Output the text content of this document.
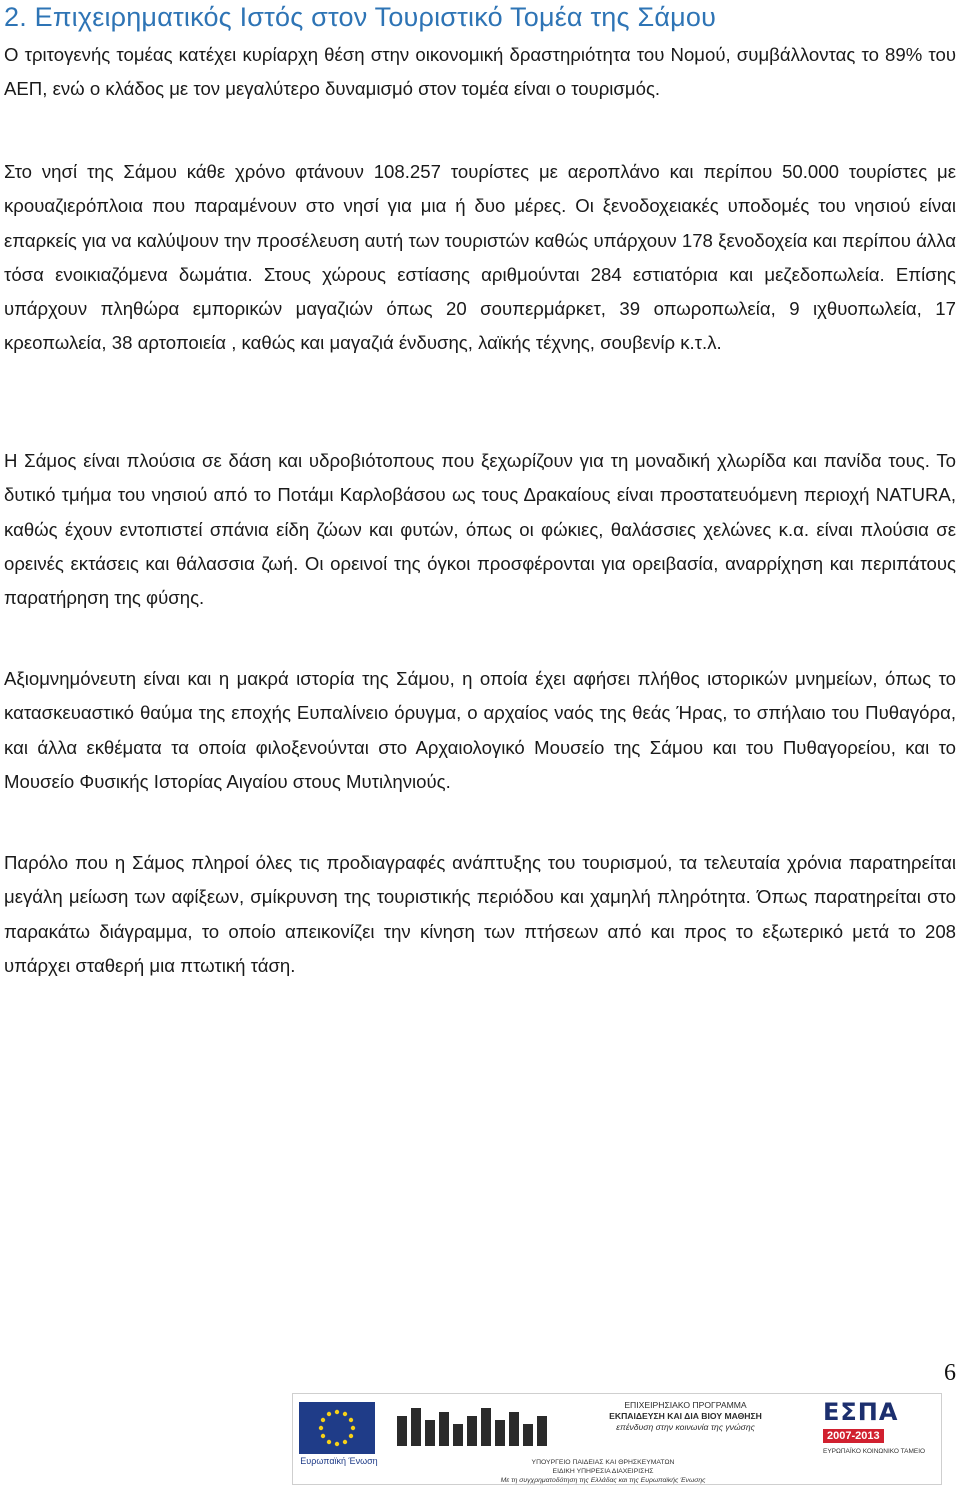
2. Επιχειρηματικός Ιστός στον Τουριστικό Τομέα της Σάμου

Ο τριτογενής τομέας κατέχει κυρίαρχη θέση στην οικονομική δραστηριότητα του Νομού, συμβάλλοντας το 89% του ΑΕΠ, ενώ ο κλάδος με τον μεγαλύτερο δυναμισμό στον τομέα είναι ο τουρισμός.

Στο νησί της Σάμου κάθε χρόνο φτάνουν 108.257 τουρίστες με αεροπλάνο και περίπου 50.000 τουρίστες με κρουαζιερόπλοια που παραμένουν στο νησί για μια ή δυο μέρες. Οι ξενοδοχειακές υποδομές του νησιού είναι επαρκείς για να καλύψουν την προσέλευση αυτή των τουριστών καθώς υπάρχουν 178 ξενοδοχεία και περίπου άλλα τόσα ενοικιαζόμενα δωμάτια. Στους χώρους εστίασης αριθμούνται 284 εστιατόρια και μεζεδοπωλεία. Επίσης υπάρχουν πληθώρα εμπορικών μαγαζιών όπως 20 σουπερμάρκετ, 39 οπωροπωλεία, 9 ιχθυοπωλεία, 17 κρεοπωλεία, 38 αρτοποιεία , καθώς και μαγαζιά ένδυσης, λαϊκής τέχνης, σουβενίρ κ.τ.λ.

Η Σάμος είναι πλούσια σε δάση και υδροβιότοπους που ξεχωρίζουν για τη μοναδική χλωρίδα και πανίδα τους. Το δυτικό τμήμα του νησιού από το Ποτάμι Καρλοβάσου ως τους Δρακαίους είναι προστατευόμενη περιοχή NATURA, καθώς έχουν εντοπιστεί σπάνια είδη ζώων και φυτών, όπως οι φώκιες, θαλάσσιες χελώνες κ.α. είναι πλούσια σε ορεινές εκτάσεις και θάλασσια ζωή. Οι ορεινοί της όγκοι προσφέρονται για ορειβασία, αναρρίχηση και περιπάτους παρατήρηση της φύσης.

Αξιομνημόνευτη είναι και η μακρά ιστορία της Σάμου, η οποία έχει αφήσει πλήθος ιστορικών μνημείων, όπως το κατασκευαστικό θαύμα της εποχής Ευπαλίνειο όρυγμα, ο αρχαίος ναός της θεάς Ήρας, το σπήλαιο του Πυθαγόρα, και άλλα εκθέματα τα οποία φιλοξενούνται στο Αρχαιολογικό Μουσείο της Σάμου και του Πυθαγορείου, και το Μουσείο Φυσικής Ιστορίας Αιγαίου στους Μυτιληνιούς.

Παρόλο που η Σάμος πληροί όλες τις προδιαγραφές ανάπτυξης του τουρισμού, τα τελευταία χρόνια παρατηρείται μεγάλη μείωση των αφίξεων, σμίκρυνση της τουριστικής περιόδου και χαμηλή πληρότητα. Όπως παρατηρείται στο παρακάτω διάγραμμα, το οποίο απεικονίζει την κίνηση των πτήσεων από και προς το εξωτερικό μετά το 208 υπάρχει σταθερή μια πτωτική τάση.

6
Ευρωπαϊκή Ένωση
ΕΠΙΧΕΙΡΗΣΙΑΚΟ ΠΡΟΓΡΑΜΜΑ
ΕΚΠΑΙΔΕΥΣΗ ΚΑΙ ΔΙΑ ΒΙΟΥ ΜΑΘΗΣΗ
επένδυση στην κοινωνία της γνώσης
ΥΠΟΥΡΓΕΙΟ ΠΑΙΔΕΙΑΣ ΚΑΙ ΘΡΗΣΚΕΥΜΑΤΩΝ
ΕΙΔΙΚΗ ΥΠΗΡΕΣΙΑ ΔΙΑΧΕΙΡΙΣΗΣ
Με τη συγχρηματοδότηση της Ελλάδας και της Ευρωπαϊκής Ένωσης
ΕΣΠΑ
2007-2013
ΕΥΡΩΠΑΪΚΟ ΚΟΙΝΩΝΙΚΟ ΤΑΜΕΙΟ
